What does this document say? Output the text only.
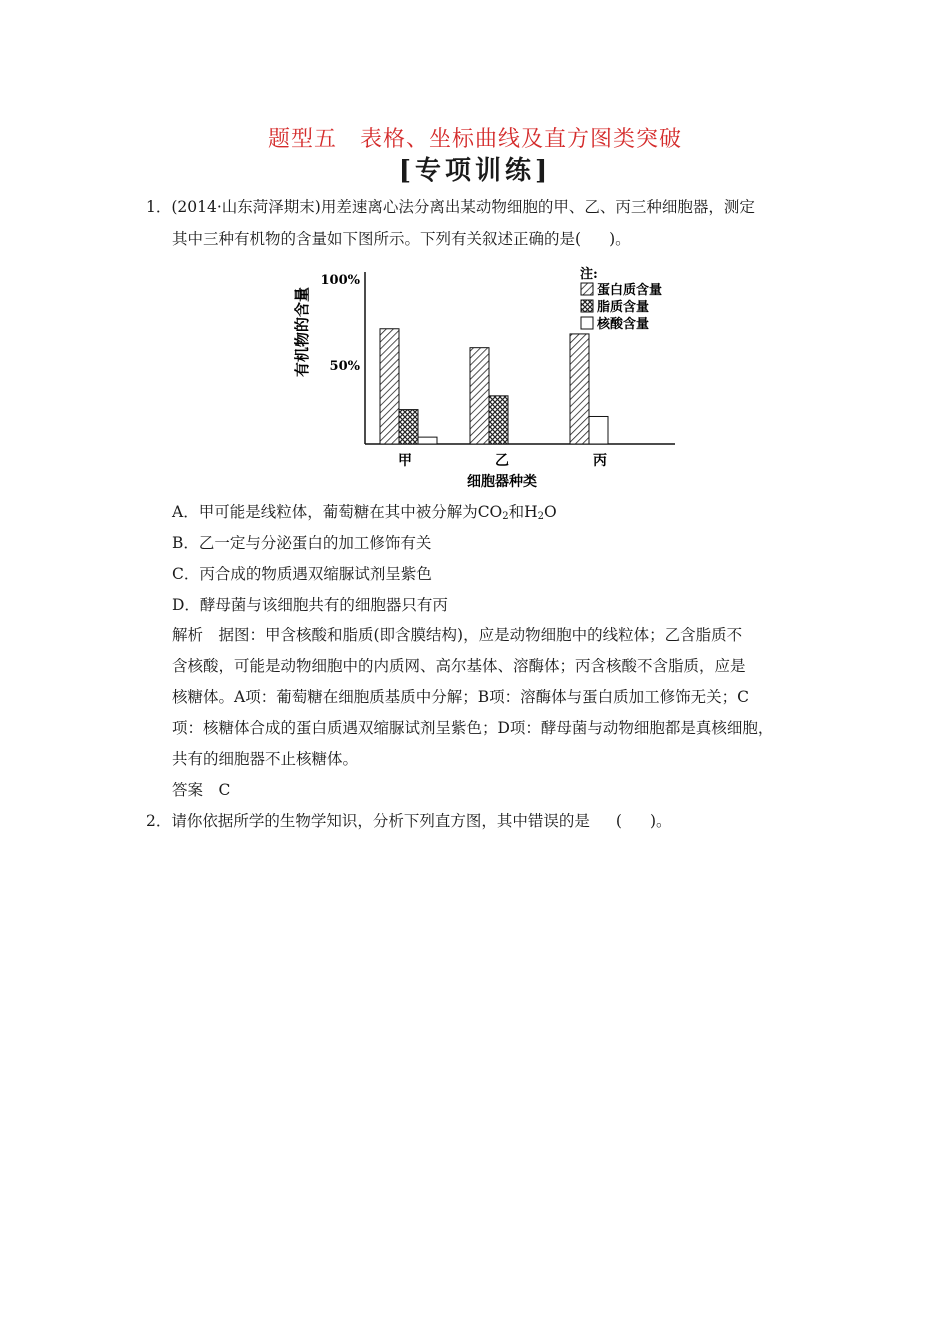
题型五　表格、坐标曲线及直方图类突破
[专项训练]
1．(2014·山东菏泽期末)用差速离心法分离出某动物细胞的甲、乙、丙三种细胞器，测定
其中三种有机物的含量如下图所示。下列有关叙述正确的是( )。
有机物的含量
100%
50%
甲	乙	丙
细胞器种类
注:
蛋白质含量
脂质含量
核酸含量
A．甲可能是线粒体，葡萄糖在其中被分解为$CO_2$和$H_2O$
B．乙一定与分泌蛋白的加工修饰有关
C．丙合成的物质遇双缩脲试剂呈紫色
D．酵母菌与该细胞共有的细胞器只有丙
解析　据图：甲含核酸和脂质(即含膜结构)，应是动物细胞中的线粒体；乙含脂质不
含核酸，可能是动物细胞中的内质网、高尔基体、溶酶体；丙含核酸不含脂质，应是
核糖体。A项：葡萄糖在细胞质基质中分解；B项：溶酶体与蛋白质加工修饰无关；C
项：核糖体合成的蛋白质遇双缩脲试剂呈紫色；D项：酵母菌与动物细胞都是真核细胞，
共有的细胞器不止核糖体。
答案　C
2．请你依据所学的生物学知识，分析下列直方图，其中错误的是 ( )。
